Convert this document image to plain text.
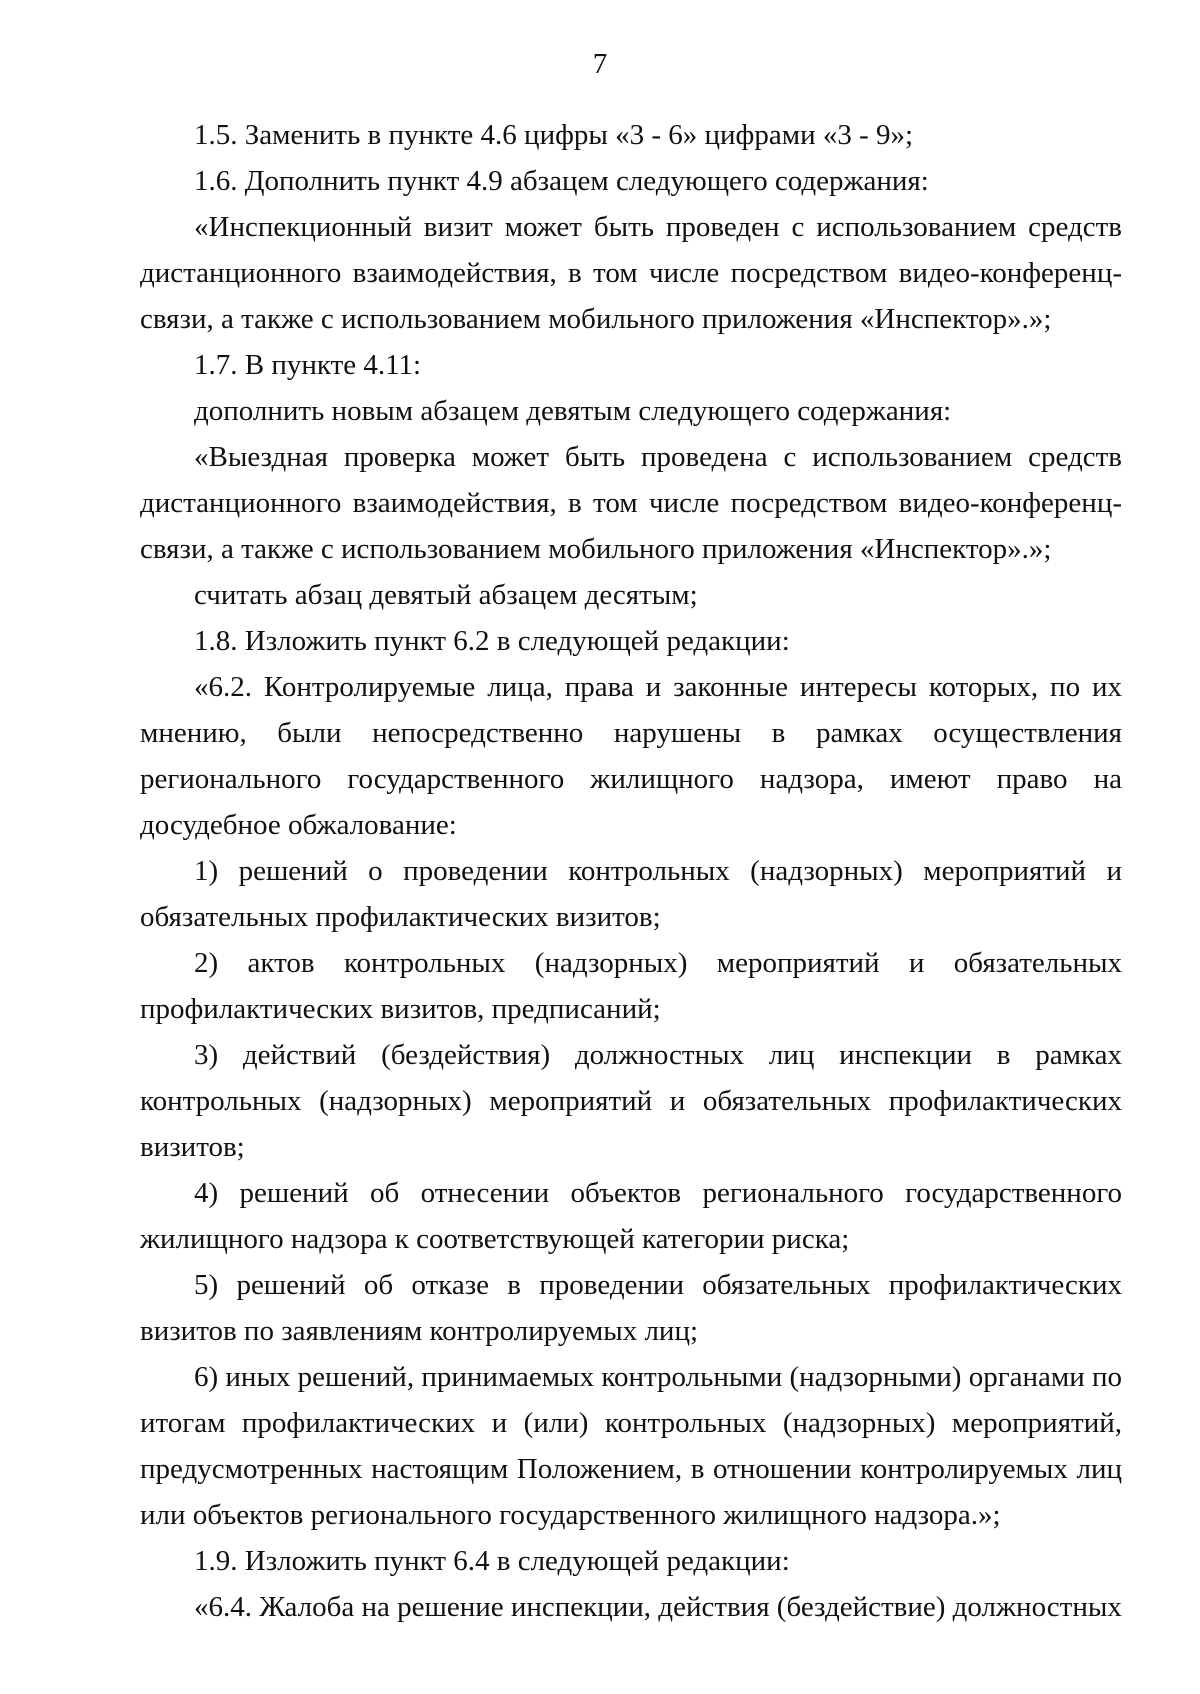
7

1.5. Заменить в пункте 4.6 цифры «3 - 6» цифрами «3 - 9»;

1.6. Дополнить пункт 4.9 абзацем следующего содержания:

«Инспекционный визит может быть проведен с использованием средств дистанционного взаимодействия, в том числе посредством видео-конференц-связи, а также с использованием мобильного приложения «Инспектор».»;

1.7. В пункте 4.11:

дополнить новым абзацем девятым следующего содержания:

«Выездная проверка может быть проведена с использованием средств дистанционного взаимодействия, в том числе посредством видео-конференц-связи, а также с использованием мобильного приложения «Инспектор».»;

считать абзац девятый абзацем десятым;

1.8. Изложить пункт 6.2 в следующей редакции:

«6.2. Контролируемые лица, права и законные интересы которых, по их мнению, были непосредственно нарушены в рамках осуществления регионального государственного жилищного надзора, имеют право на досудебное обжалование:

1) решений о проведении контрольных (надзорных) мероприятий и обязательных профилактических визитов;

2) актов контрольных (надзорных) мероприятий и обязательных профилактических визитов, предписаний;

3) действий (бездействия) должностных лиц инспекции в рамках контрольных (надзорных) мероприятий и обязательных профилактических визитов;

4) решений об отнесении объектов регионального государственного жилищного надзора к соответствующей категории риска;

5) решений об отказе в проведении обязательных профилактических визитов по заявлениям контролируемых лиц;

6) иных решений, принимаемых контрольными (надзорными) органами по итогам профилактических и (или) контрольных (надзорных) мероприятий, предусмотренных настоящим Положением, в отношении контролируемых лиц или объектов регионального государственного жилищного надзора.»;

1.9. Изложить пункт 6.4 в следующей редакции:

«6.4. Жалоба на решение инспекции, действия (бездействие) должностных
